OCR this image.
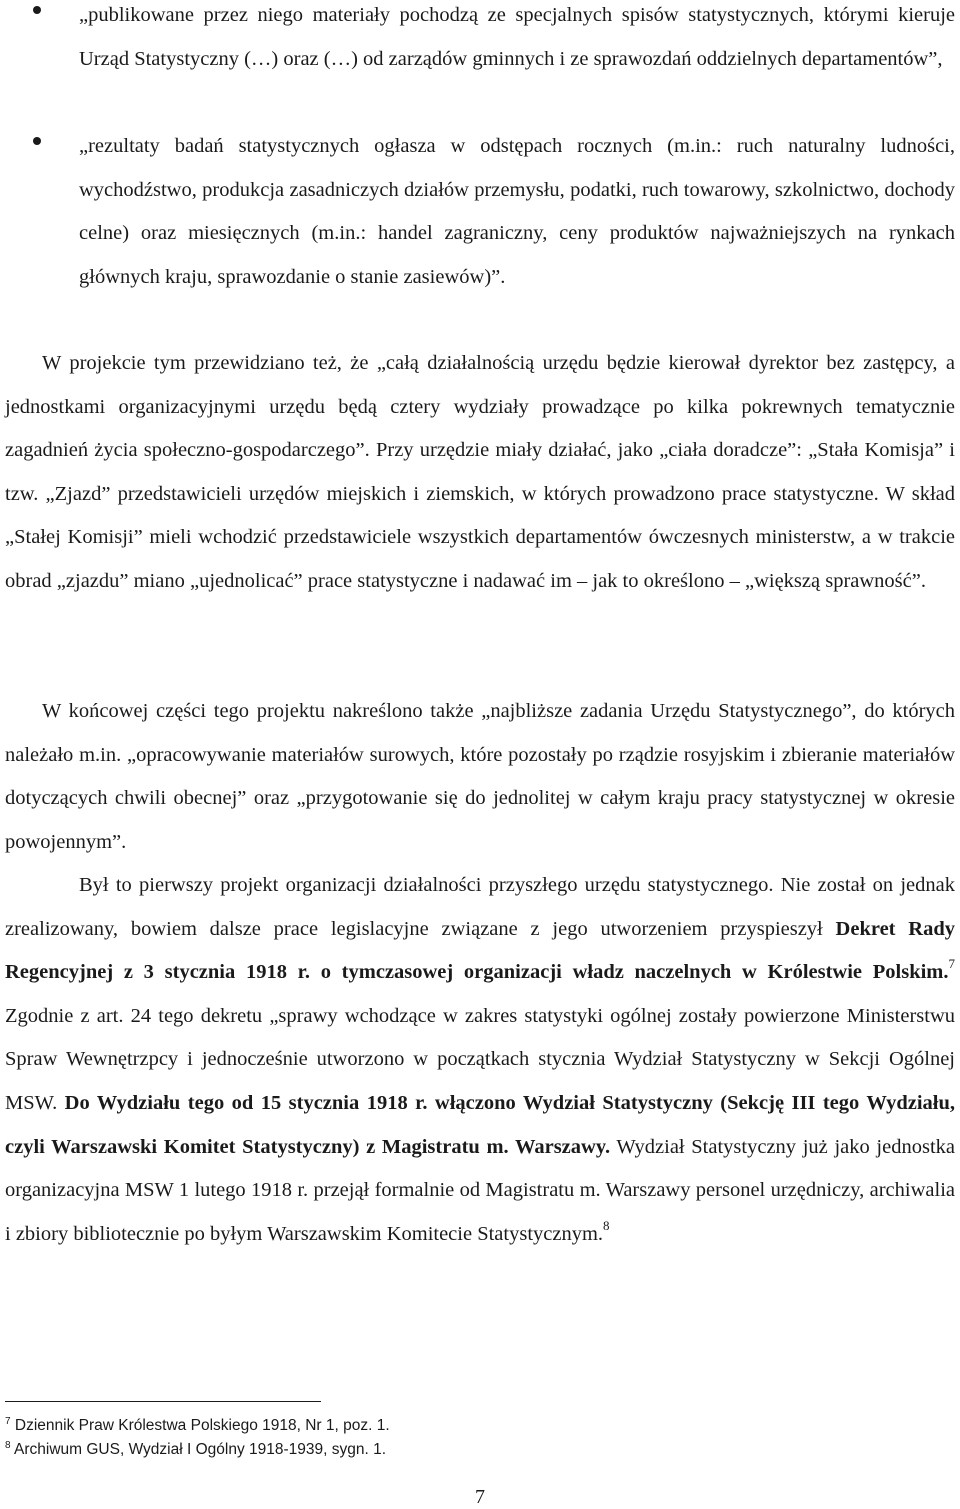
„publikowane przez niego materiały pochodzą ze specjalnych spisów statystycznych, którymi kieruje Urząd Statystyczny (…) oraz (…) od zarządów gminnych i ze sprawozdań oddzielnych departamentów”,
„rezultaty badań statystycznych ogłasza w odstępach rocznych (m.in.: ruch naturalny ludności, wychodźstwo, produkcja zasadniczych działów przemysłu, podatki, ruch towarowy, szkolnictwo, dochody celne) oraz miesięcznych (m.in.: handel zagraniczny, ceny produktów najważniejszych na rynkach głównych kraju, sprawozdanie o stanie zasiewów)”.

W projekcie tym przewidziano też, że „całą działalnością urzędu będzie kierował dyrektor bez zastępcy, a jednostkami organizacyjnymi urzędu będą cztery wydziały prowadzące po kilka pokrewnych tematycznie zagadnień życia społeczno-gospodarczego”. Przy urzędzie miały działać, jako „ciała doradcze”: „Stała Komisja” i tzw. „Zjazd” przedstawicieli urzędów miejskich i ziemskich, w których prowadzono prace statystyczne. W skład „Stałej Komisji” mieli wchodzić przedstawiciele wszystkich departamentów ówczesnych ministerstw, a w trakcie obrad „zjazdu” miano „ujednolicać” prace statystyczne i nadawać im – jak to określono – „większą sprawność”.

W końcowej części tego projektu nakreślono także „najbliższe zadania Urzędu Statystycznego”, do których należało m.in. „opracowywanie materiałów surowych, które pozostały po rządzie rosyjskim i zbieranie materiałów dotyczących chwili obecnej” oraz „przygotowanie się do jednolitej w całym kraju pracy statystycznej w okresie powojennym”.

Był to pierwszy projekt organizacji działalności przyszłego urzędu statystycznego. Nie został on jednak zrealizowany, bowiem dalsze prace legislacyjne związane z jego utworzeniem przyspieszył Dekret Rady Regencyjnej z 3 stycznia 1918 r. o tymczasowej organizacji władz naczelnych w Królestwie Polskim.$^7$ Zgodnie z art. 24 tego dekretu „sprawy wchodzące w zakres statystyki ogólnej zostały powierzone Ministerstwu Spraw Wewnętrzpcy i jednocześnie utworzono w początkach stycznia Wydział Statystyczny w Sekcji Ogólnej MSW. Do Wydziału tego od 15 stycznia 1918 r. włączono Wydział Statystyczny (Sekcję III tego Wydziału, czyli Warszawski Komitet Statystyczny) z Magistratu m. Warszawy. Wydział Statystyczny już jako jednostka organizacyjna MSW 1 lutego 1918 r. przejął formalnie od Magistratu m. Warszawy personel urzędniczy, archiwalia i zbiory bibliotecznie po byłym Warszawskim Komitecie Statystycznym.$^8$

$^7$ Dziennik Praw Królestwa Polskiego 1918, Nr 1, poz. 1.
$^8$ Archiwum GUS, Wydział I Ogólny 1918-1939, sygn. 1.
7
